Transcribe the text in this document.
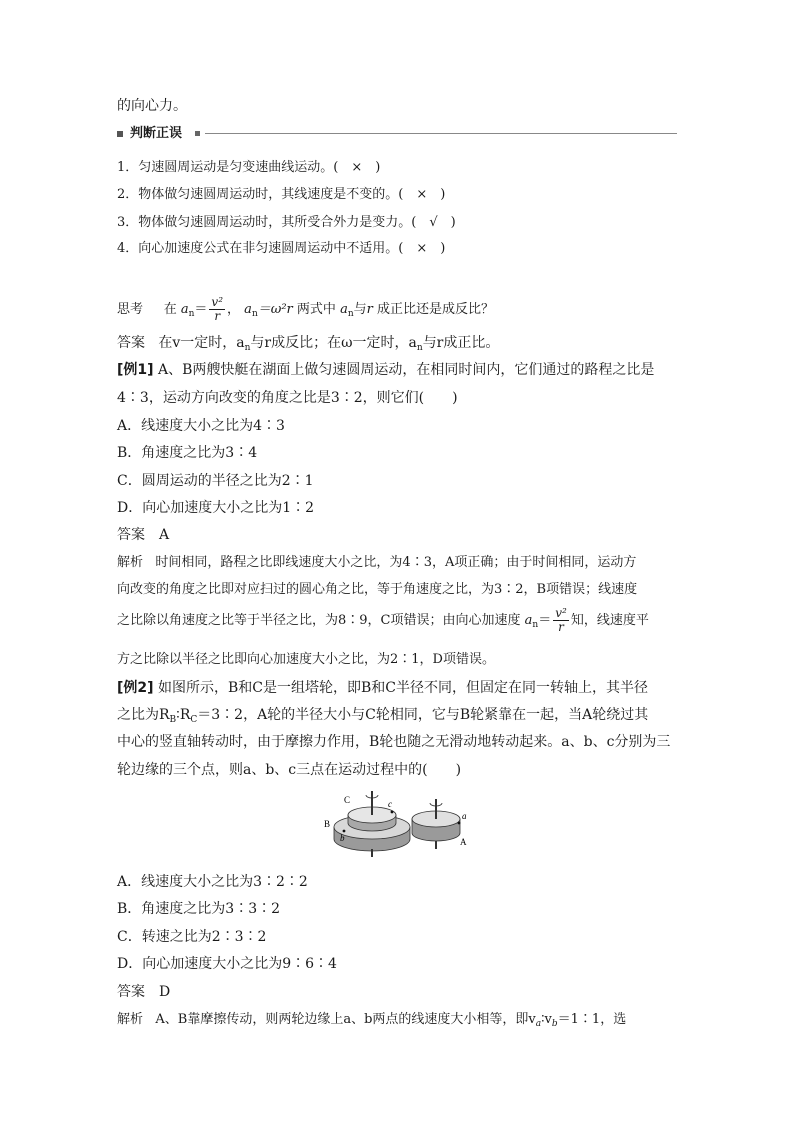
的向心力。
判断正误
1．匀速圆周运动是匀变速曲线运动。(　×　)
2．物体做匀速圆周运动时，其线速度是不变的。(　×　)
3．物体做匀速圆周运动时，其所受合外力是变力。(　√　)
4．向心加速度公式在非匀速圆周运动中不适用。(　×　)
思考 在 $a_n= \frac{\text{v²}}{r}$ ， $a_n=\omega^2r$ 两式中 $a_n$与r 成正比还是成反比？
答案 在v一定时，$a_n$与r成反比；在ω一定时，$a_n$与r成正比。
[例1] A、B两艘快艇在湖面上做匀速圆周运动，在相同时间内，它们通过的路程之比是
4∶3，运动方向改变的角度之比是3∶2，则它们(　　)
A．线速度大小之比为4∶3
B．角速度之比为3∶4
C．圆周运动的半径之比为2∶1
D．向心加速度大小之比为1∶2
答案　A
解析 时间相同，路程之比即线速度大小之比，为4∶3，A项正确；由于时间相同，运动方
向改变的角度之比即对应扫过的圆心角之比，等于角速度之比，为3∶2，B项错误；线速度
之比除以角速度之比等于半径之比，为8∶9，C项错误；由向心加速度 $a_n= \frac{\text{v²}}{r}$ 知，线速度平
方之比除以半径之比即向心加速度大小之比，为2∶1，D项错误。
[例2] 如图所示，B和C是一组塔轮，即B和C半径不同，但固定在同一转轴上，其半径
之比为$R_B∶R_C=3∶2$，A轮的半径大小与C轮相同，它与B轮紧靠在一起，当A轮绕过其
中心的竖直轴转动时，由于摩擦力作用，B轮也随之无滑动地转动起来。a、b、c分别为三
轮边缘的三个点，则a、b、c三点在运动过程中的(　　)
C	c
B
b
a
A
A．线速度大小之比为3∶2∶2
B．角速度之比为3∶3∶2
C．转速之比为2∶3∶2
D．向心加速度大小之比为9∶6∶4
答案　D
解析 A、B靠摩擦传动，则两轮边缘上a、b两点的线速度大小相等，即$v_a∶v_b=1∶1$，选
